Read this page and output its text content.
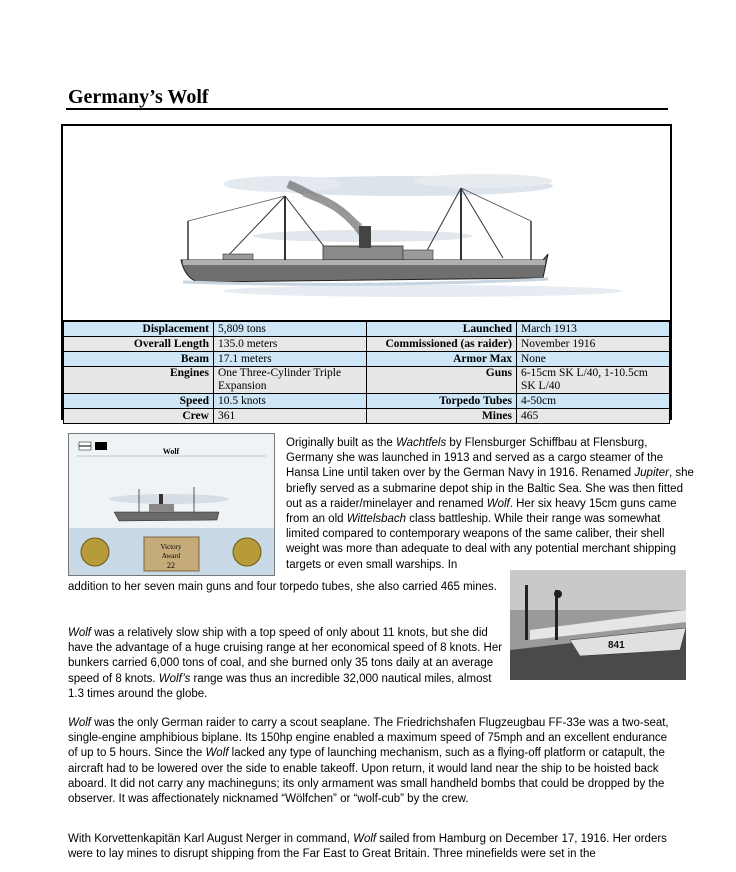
Germany’s Wolf
Displacement	5,809 tons	Launched	March 1913
Overall Length	135.0 meters	Commissioned (as raider)	November 1916
Beam	17.1 meters	Armor Max	None
Engines	One Three-Cylinder Triple Expansion	Guns	6-15cm SK L/40, 1-10.5cm SK L/40
Speed	10.5 knots	Torpedo Tubes	4-50cm
Crew	361	Mines	465
Wolf
Victory
Award
22
841
Originally built as the Wachtfels by Flensburger Schiffbau at Flensburg, Germany she was launched in 1913 and served as a cargo steamer of the Hansa Line until taken over by the German Navy in 1916. Renamed Jupiter, she briefly served as a submarine depot ship in the Baltic Sea. She was then fitted out as a raider/minelayer and renamed Wolf. Her six heavy 15cm guns came from an old Wittelsbach class battleship. While their range was somewhat limited compared to contemporary weapons of the same caliber, their shell weight was more than adequate to deal with any potential merchant shipping targets or even small warships. In
addition to her seven main guns and four torpedo tubes, she also carried 465 mines.
Wolf was a relatively slow ship with a top speed of only about 11 knots, but she did have the advantage of a huge cruising range at her economical speed of 8 knots. Her bunkers carried 6,000 tons of coal, and she burned only 35 tons daily at an average speed of 8 knots. Wolf’s range was thus an incredible 32,000 nautical miles, almost 1.3 times around the globe.
Wolf was the only German raider to carry a scout seaplane. The Friedrichshafen Flugzeugbau FF-33e was a two-seat, single-engine amphibious biplane. Its 150hp engine enabled a maximum speed of 75mph and an excellent endurance of up to 5 hours. Since the Wolf lacked any type of launching mechanism, such as a flying-off platform or catapult, the aircraft had to be lowered over the side to enable takeoff. Upon return, it would land near the ship to be hoisted back aboard. It did not carry any machineguns; its only armament was small handheld bombs that could be dropped by the observer. It was affectionately nicknamed “Wölfchen” or “wolf-cub” by the crew.
With Korvettenkapitän Karl August Nerger in command, Wolf sailed from Hamburg on December 17, 1916. Her orders were to lay mines to disrupt shipping from the Far East to Great Britain. Three minefields were set in the
